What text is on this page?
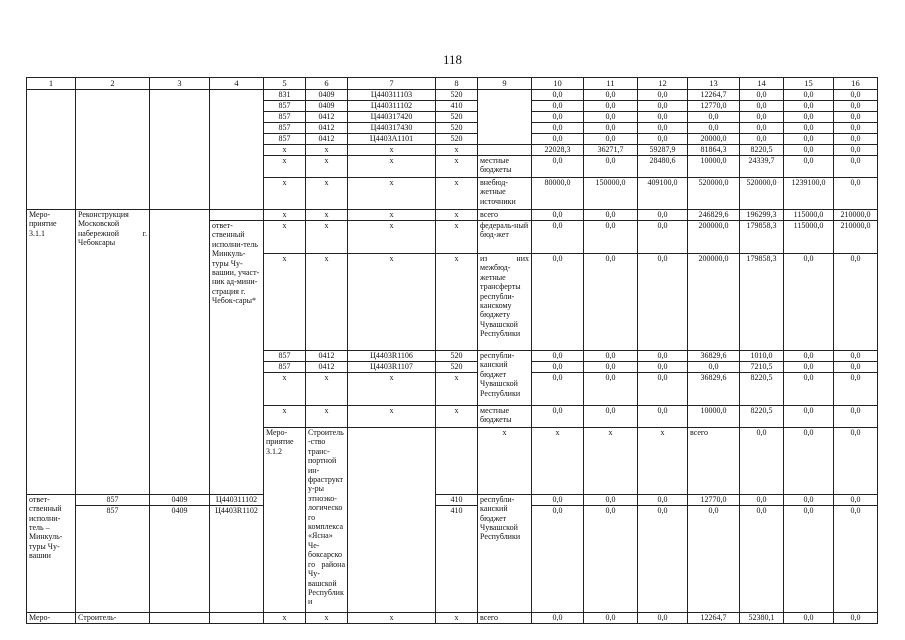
118
1	2	3	4	5	6	7	8	9	10	11	12	13	14	15	16	
				831	0409	Ц440311103	520		0,0	0,0	0,0	12264,7	0,0	0,0	0,0	
				857	0409	Ц440311102	410		0,0	0,0	0,0	12770,0	0,0	0,0	0,0	
				857	0412	Ц440317420	520		0,0	0,0	0,0	0,0	0,0	0,0	0,0	
				857	0412	Ц440317430	520		0,0	0,0	0,0	0,0	0,0	0,0	0,0	
				857	0412	Ц4403А1101	520		0,0	0,0	0,0	20000,0	0,0	0,0	0,0	
				x	x	x	x		22028,3	36271,7	59287,9	81864,3	8220,5	0,0	0,0	
				x	x	x	x	местные бюджеты	0,0	0,0	28480,6	10000,0	24339,7	0,0	0,0	
				x	x	x	x	внебюд-жетные источники	80000,0	150000,0	409100,0	520000,0	520000,0	1239100,0	0,0	
Меро-приятие 3.1.1	Реконструкция Московской набережной г. Чебоксары			x	x	x	x	всего	0,0	0,0	0,0	246829,6	196299,3	115000,0	210000,0	
			ответ-ственный исполни-тель Минкуль-туры Чу-вашии, участ-ник ад-мини-страция г. Чебок-сары*	x	x	x	x	федераль-ный бюд-жет	0,0	0,0	0,0	200000,0	179858,3	115000,0	210000,0	
				x	x	x	x	из них межбюд-жетные трансферты республи-канскому бюджету Чувашской Республики	0,0	0,0	0,0	200000,0	179858,3	0,0	0,0	
				857	0412	Ц4403R1106	520	республи-канский бюджет Чувашской Республики	0,0	0,0	0,0	36829,6	1010,0	0,0	0,0	
				857	0412	Ц4403R1107	520		0,0	0,0	0,0	0,0	7210,5	0,0	0,0	
				x	x	x	x		0,0	0,0	0,0	36829,6	8220,5	0,0	0,0	
				x	x	x	x	местные бюджеты	0,0	0,0	0,0	10000,0	8220,5	0,0	0,0	
				Меро-приятие 3.1.2	Строитель-ство транс-портной ин-фраструкту-ры этноэко-логического комплекса «Ясна» Че-боксарского района Чу-вашской Республики			x	x	x	x	всего	0,0	0,0	0,0				
ответ-ственный исполни-тель – Минкуль-туры Чу-вашии	857	0409	Ц440311102				410	республи-канский бюджет Чувашской Республики	0,0	0,0	0,0	12770,0	0,0	0,0	0,0	
	857	0409	Ц4403R1102				410		0,0	0,0	0,0	0,0	0,0	0,0	0,0	
Меро-	Строитель-			x	x	x	x	всего	0,0	0,0	0,0	12264,7	52380,1	0,0	0,0	
